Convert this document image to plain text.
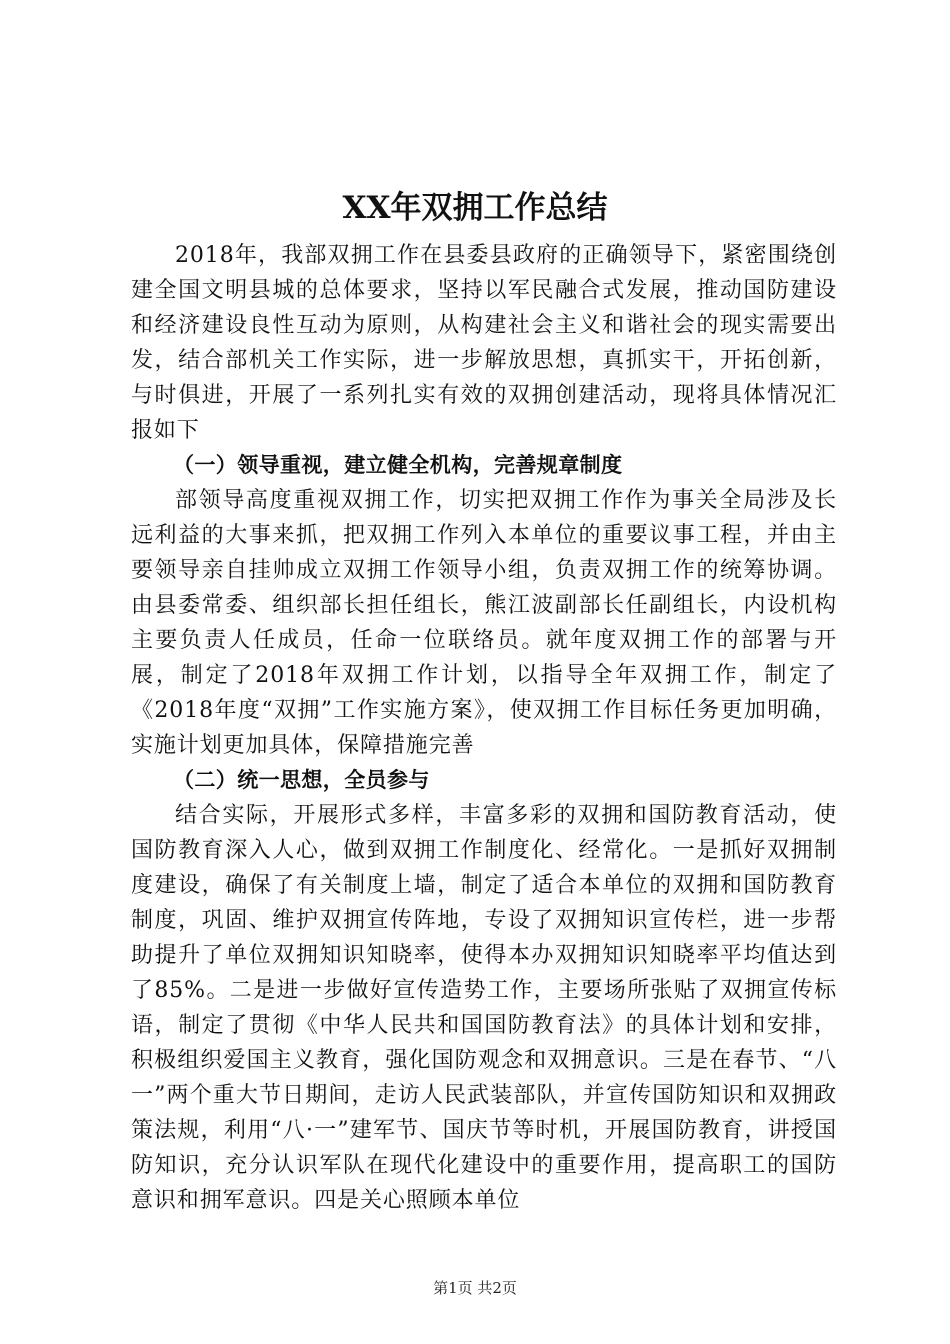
XX年双拥工作总结

2018年，我部双拥工作在县委县政府的正确领导下，紧密围绕创建全国文明县城的总体要求，坚持以军民融合式发展，推动国防建设和经济建设良性互动为原则，从构建社会主义和谐社会的现实需要出发，结合部机关工作实际，进一步解放思想，真抓实干，开拓创新，与时俱进，开展了一系列扎实有效的双拥创建活动，现将具体情况汇报如下

（一）领导重视，建立健全机构，完善规章制度

部领导高度重视双拥工作，切实把双拥工作作为事关全局涉及长远利益的大事来抓，把双拥工作列入本单位的重要议事工程，并由主要领导亲自挂帅成立双拥工作领导小组，负责双拥工作的统筹协调。由县委常委、组织部长担任组长，熊江波副部长任副组长，内设机构主要负责人任成员，任命一位联络员。就年度双拥工作的部署与开展，制定了2018年双拥工作计划，以指导全年双拥工作，制定了《2018年度“双拥”工作实施方案》，使双拥工作目标任务更加明确，实施计划更加具体，保障措施完善

（二）统一思想，全员参与

结合实际，开展形式多样，丰富多彩的双拥和国防教育活动，使国防教育深入人心，做到双拥工作制度化、经常化。一是抓好双拥制度建设，确保了有关制度上墙，制定了适合本单位的双拥和国防教育制度，巩固、维护双拥宣传阵地，专设了双拥知识宣传栏，进一步帮助提升了单位双拥知识知晓率，使得本办双拥知识知晓率平均值达到了85%。二是进一步做好宣传造势工作，主要场所张贴了双拥宣传标语，制定了贯彻《中华人民共和国国防教育法》的具体计划和安排，积极组织爱国主义教育，强化国防观念和双拥意识。三是在春节、“八一”两个重大节日期间，走访人民武装部队，并宣传国防知识和双拥政策法规，利用“八·一”建军节、国庆节等时机，开展国防教育，讲授国防知识，充分认识军队在现代化建设中的重要作用，提高职工的国防意识和拥军意识。四是关心照顾本单位

第1页 共2页
